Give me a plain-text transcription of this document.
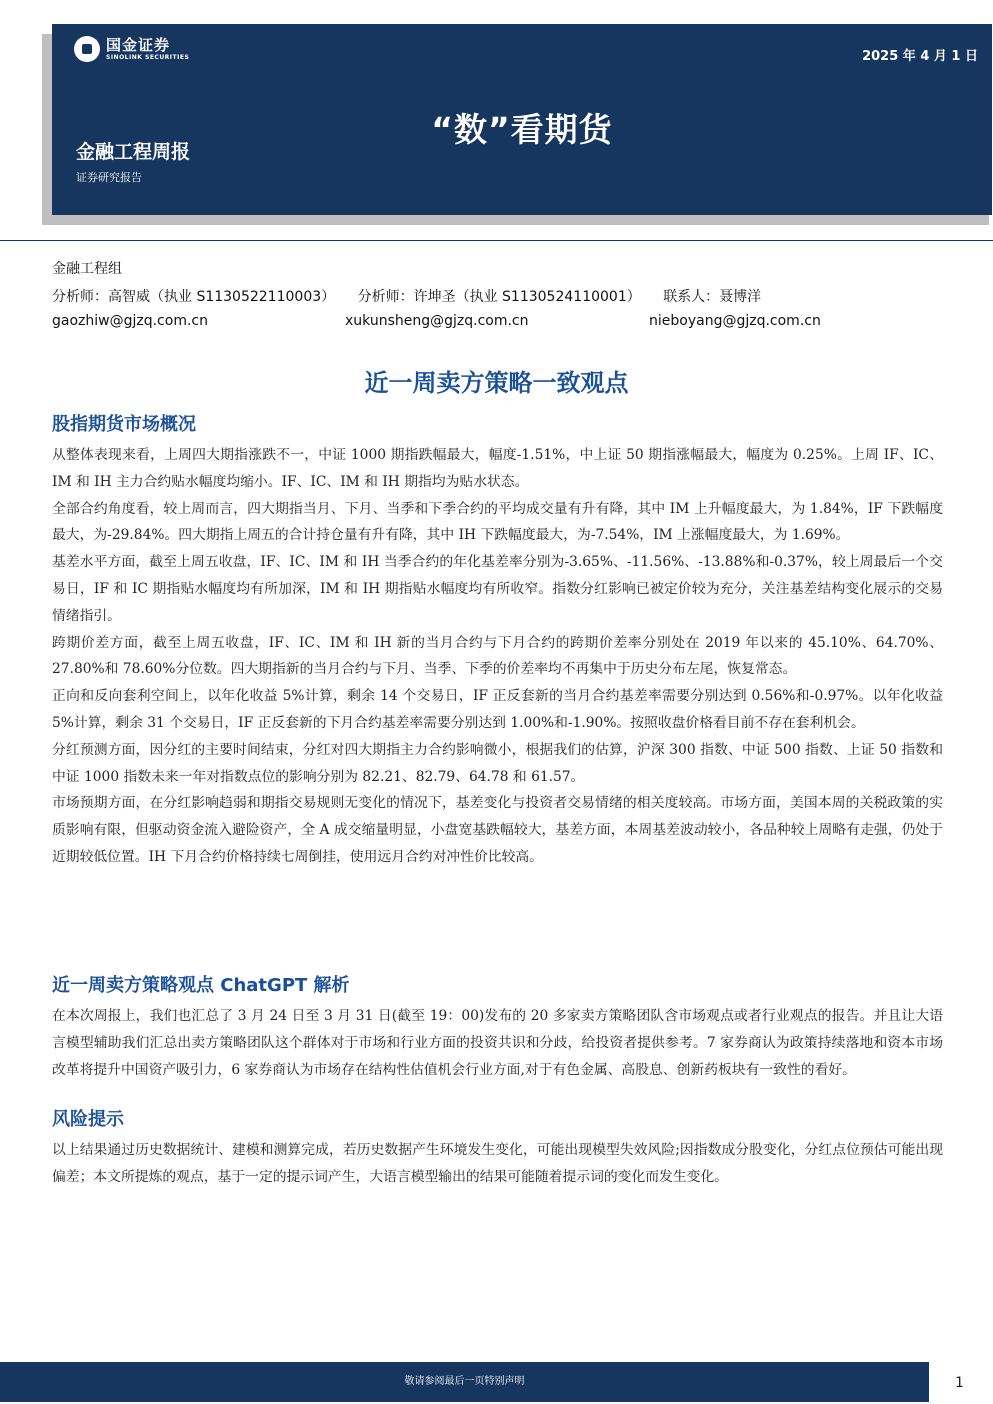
国金证券
SINOLINK SECURITIES	2025 年 4 月 1 日
“数”看期货
金融工程周报
证券研究报告
金融工程组
分析师：高智威（执业 S1130522110003） 分析师：许坤圣（执业 S1130524110001） 联系人：聂博洋
gaozhiw@gjzq.com.cn	xukunsheng@gjzq.com.cn	nieboyang@gjzq.com.cn
近一周卖方策略一致观点
股指期货市场概况

从整体表现来看，上周四大期指涨跌不一，中证 1000 期指跌幅最大，幅度-1.51%，中上证 50 期指涨幅最大，幅度为 0.25%。上周 IF、IC、IM 和 IH 主力合约贴水幅度均缩小。IF、IC、IM 和 IH 期指均为贴水状态。

全部合约角度看，较上周而言，四大期指当月、下月、当季和下季合约的平均成交量有升有降，其中 IM 上升幅度最大，为 1.84%，IF 下跌幅度最大，为-29.84%。四大期指上周五的合计持仓量有升有降，其中 IH 下跌幅度最大，为-7.54%，IM 上涨幅度最大，为 1.69%。

基差水平方面，截至上周五收盘，IF、IC、IM 和 IH 当季合约的年化基差率分别为-3.65%、-11.56%、-13.88%和-0.37%，较上周最后一个交易日，IF 和 IC 期指贴水幅度均有所加深，IM 和 IH 期指贴水幅度均有所收窄。指数分红影响已被定价较为充分，关注基差结构变化展示的交易情绪指引。

跨期价差方面，截至上周五收盘，IF、IC、IM 和 IH 新的当月合约与下月合约的跨期价差率分别处在 2019 年以来的 45.10%、64.70%、27.80%和 78.60%分位数。四大期指新的当月合约与下月、当季、下季的价差率均不再集中于历史分布左尾，恢复常态。

正向和反向套利空间上，以年化收益 5%计算，剩余 14 个交易日，IF 正反套新的当月合约基差率需要分别达到 0.56%和-0.97%。以年化收益 5%计算，剩余 31 个交易日，IF 正反套新的下月合约基差率需要分别达到 1.00%和-1.90%。按照收盘价格看目前不存在套利机会。

分红预测方面，因分红的主要时间结束，分红对四大期指主力合约影响微小，根据我们的估算，沪深 300 指数、中证 500 指数、上证 50 指数和中证 1000 指数未来一年对指数点位的影响分别为 82.21、82.79、64.78 和 61.57。

市场预期方面，在分红影响趋弱和期指交易规则无变化的情况下，基差变化与投资者交易情绪的相关度较高。市场方面，美国本周的关税政策的实质影响有限，但驱动资金流入避险资产，全 A 成交缩量明显，小盘宽基跌幅较大，基差方面，本周基差波动较小，各品种较上周略有走强，仍处于近期较低位置。IH 下月合约价格持续七周倒挂，使用远月合约对冲性价比较高。

近一周卖方策略观点 ChatGPT 解析

在本次周报上，我们也汇总了 3 月 24 日至 3 月 31 日(截至 19：00)发布的 20 多家卖方策略团队含市场观点或者行业观点的报告。并且让大语言模型辅助我们汇总出卖方策略团队这个群体对于市场和行业方面的投资共识和分歧，给投资者提供参考。7 家券商认为政策持续落地和资本市场改革将提升中国资产吸引力，6 家券商认为市场存在结构性估值机会行业方面,对于有色金属、高股息、创新药板块有一致性的看好。

风险提示

以上结果通过历史数据统计、建模和测算完成，若历史数据产生环境发生变化，可能出现模型失效风险;因指数成分股变化，分红点位预估可能出现偏差；本文所提炼的观点，基于一定的提示词产生，大语言模型输出的结果可能随着提示词的变化而发生变化。

敬请参阅最后一页特别声明	1
